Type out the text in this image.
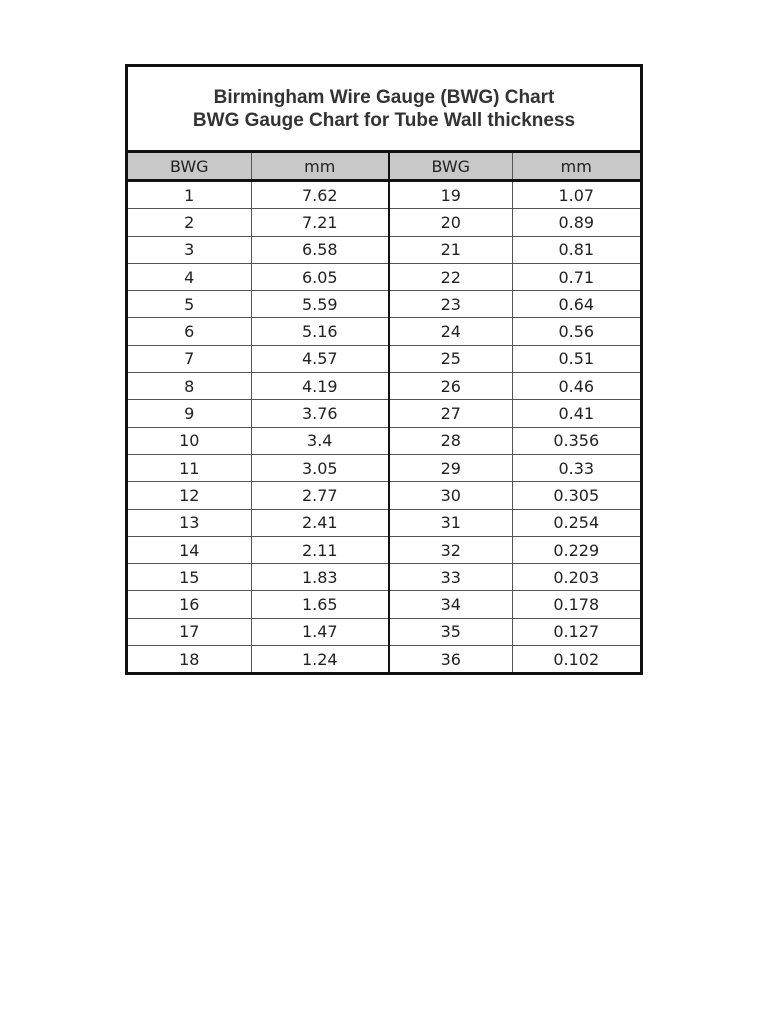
Birmingham Wire Gauge (BWG) Chart
BWG Gauge Chart for Tube Wall thickness
BWG	mm	BWG	mm
1	7.62	19	1.07
2	7.21	20	0.89
3	6.58	21	0.81
4	6.05	22	0.71
5	5.59	23	0.64
6	5.16	24	0.56
7	4.57	25	0.51
8	4.19	26	0.46
9	3.76	27	0.41
10	3.4	28	0.356
11	3.05	29	0.33
12	2.77	30	0.305
13	2.41	31	0.254
14	2.11	32	0.229
15	1.83	33	0.203
16	1.65	34	0.178
17	1.47	35	0.127
18	1.24	36	0.102
